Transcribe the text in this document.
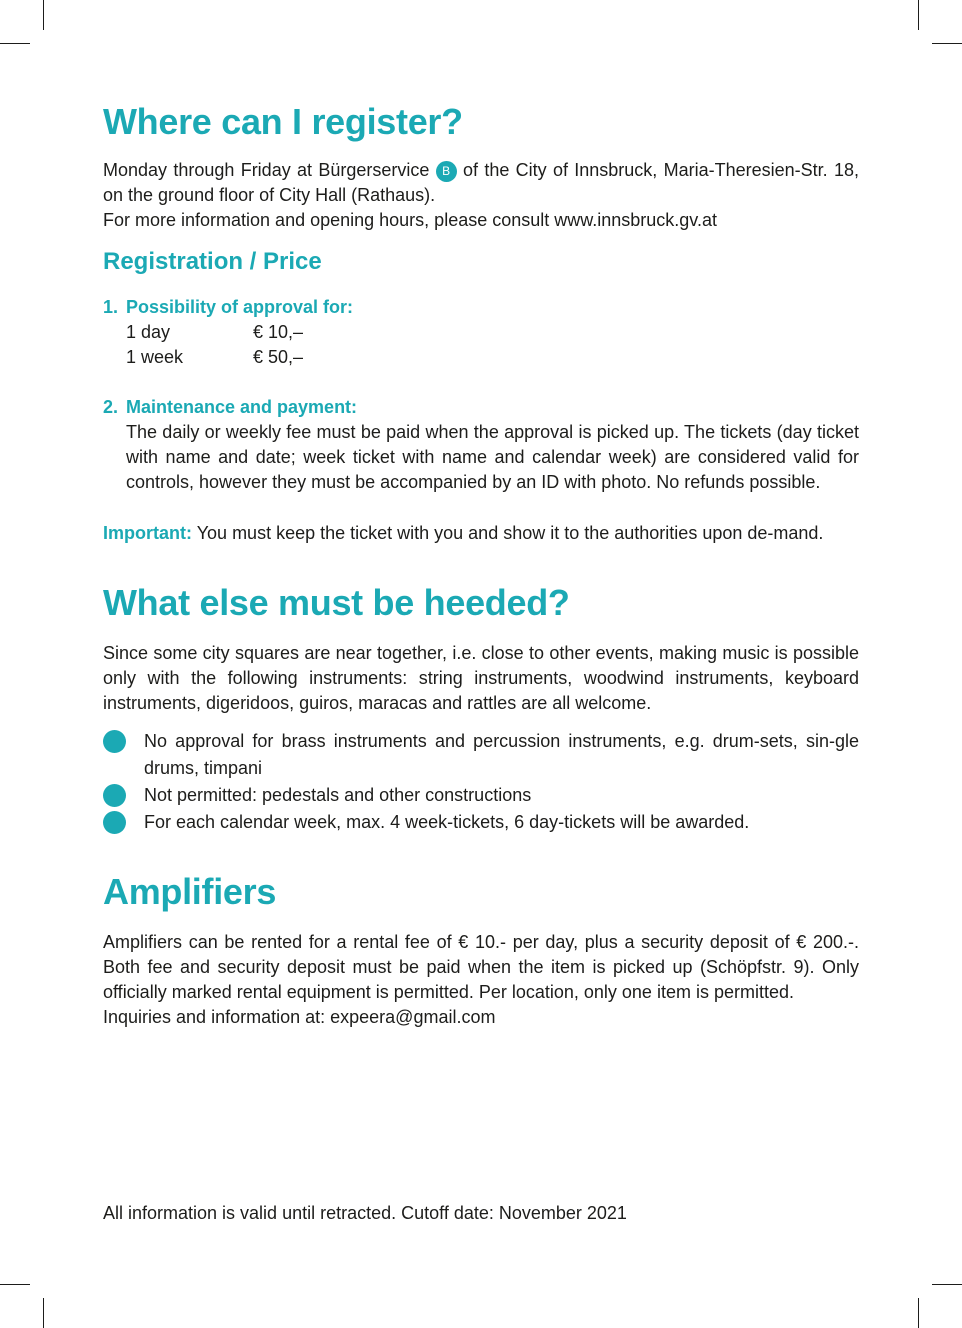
Where can I register?

Monday through Friday at Bürgerservice B of the City of Innsbruck, Maria-Theresien-Str. 18, on the ground floor of City Hall (Rathaus).

For more information and opening hours, please consult www.innsbruck.gv.at

Registration / Price
1. Possibility of approval for:
1 day	€ 10,–
1 week	€ 50,–
2. Maintenance and payment:
The daily or weekly fee must be paid when the approval is picked up. The tickets (day ticket with name and date; week ticket with name and calendar week) are considered valid for controls, however they must be accompanied by an ID with photo. No refunds possible.

Important: You must keep the ticket with you and show it to the authorities upon de-mand.

What else must be heeded?

Since some city squares are near together, i.e. close to other events, making music is possible only with the following instruments: string instruments, woodwind instruments, keyboard instruments, digeridoos, guiros, maracas and rattles are all welcome.

No approval for brass instruments and percussion instruments, e.g. drum-sets, sin-gle drums, timpani
Not permitted: pedestals and other constructions
For each calendar week, max. 4 week-tickets, 6 day-tickets will be awarded.
Amplifiers

Amplifiers can be rented for a rental fee of € 10.- per day, plus a security deposit of € 200.-. Both fee and security deposit must be paid when the item is picked up (Schöpfstr. 9). Only officially marked rental equipment is permitted. Per location, only one item is permitted.

Inquiries and information at: expeera@gmail.com

All information is valid until retracted. Cutoff date: November 2021
